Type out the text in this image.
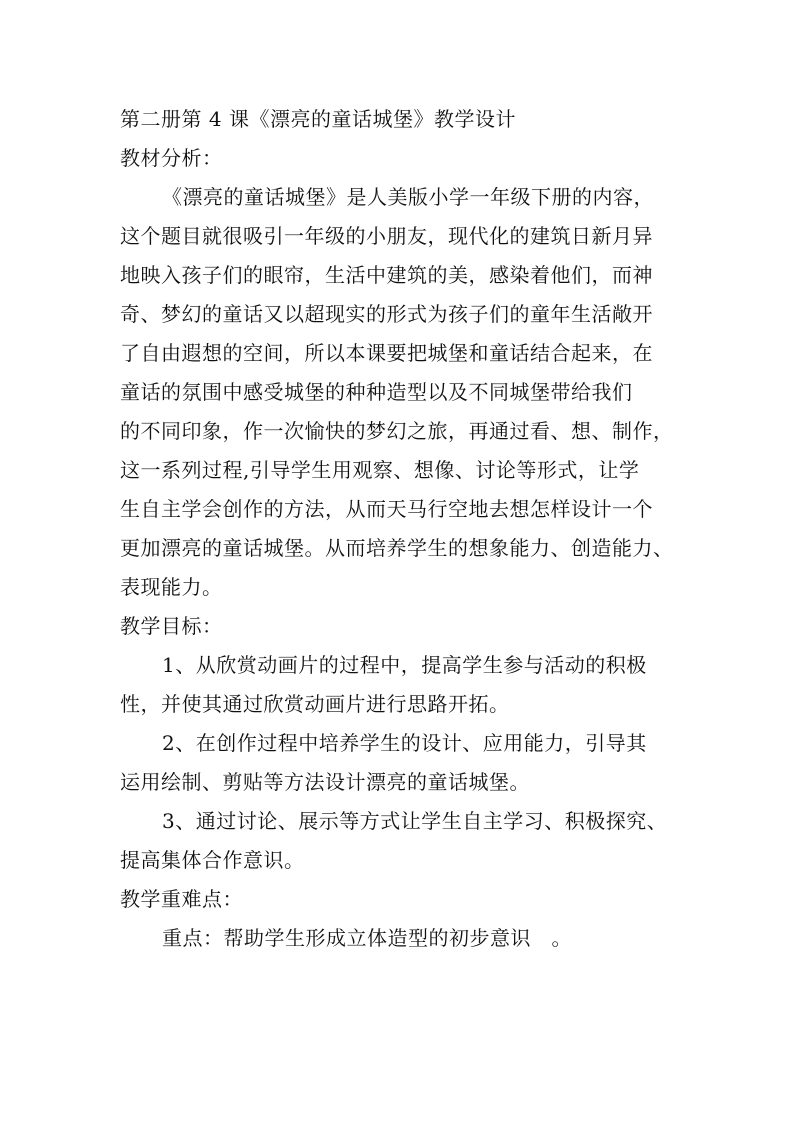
第二册第 4 课《漂亮的童话城堡》教学设计
教材分析：
《漂亮的童话城堡》是人美版小学一年级下册的内容，
这个题目就很吸引一年级的小朋友，现代化的建筑日新月异
地映入孩子们的眼帘，生活中建筑的美，感染着他们，而神
奇、梦幻的童话又以超现实的形式为孩子们的童年生活敞开
了自由遐想的空间，所以本课要把城堡和童话结合起来，在
童话的氛围中感受城堡的种种造型以及不同城堡带给我们
的不同印象，作一次愉快的梦幻之旅，再通过看、想、制作，
这一系列过程,引导学生用观察、想像、讨论等形式，让学
生自主学会创作的方法，从而天马行空地去想怎样设计一个
更加漂亮的童话城堡。从而培养学生的想象能力、创造能力、
表现能力。
教学目标：
1、从欣赏动画片的过程中，提高学生参与活动的积极
性，并使其通过欣赏动画片进行思路开拓。
2、在创作过程中培养学生的设计、应用能力，引导其
运用绘制、剪贴等方法设计漂亮的童话城堡。
3、通过讨论、展示等方式让学生自主学习、积极探究、
提高集体合作意识。
教学重难点：
重点：帮助学生形成立体造型的初步意识　。
